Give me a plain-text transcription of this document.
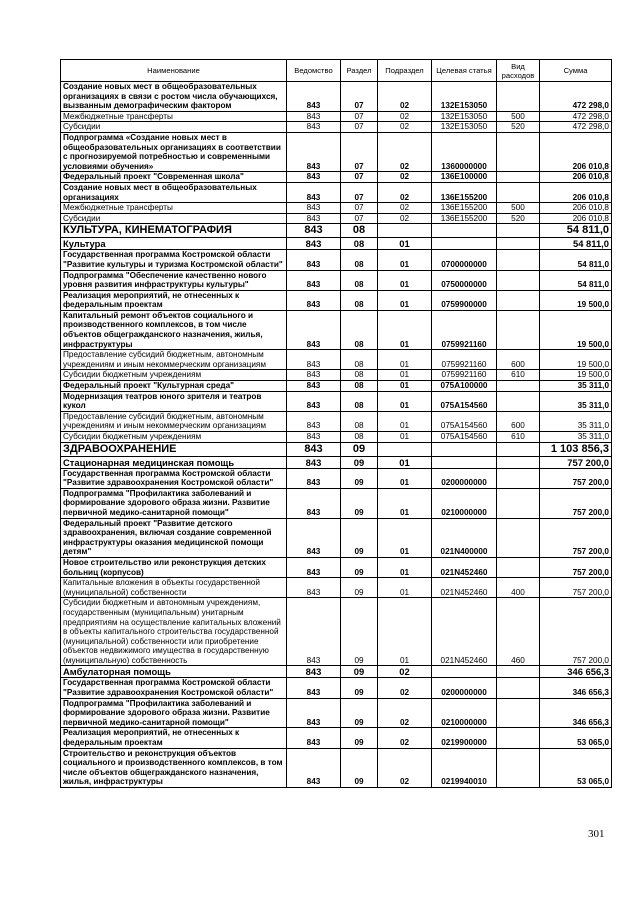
Наименование	Ведомство	Раздел	Подраздел	Целевая статья	Вид расходов	Сумма
Создание новых мест в общеобразовательных организациях в связи с ростом числа обучающихся, вызванным демографическим фактором	843	07	02	132E153050		472 298,0
Межбюджетные трансферты	843	07	02	132E153050	500	472 298,0
Субсидии	843	07	02	132E153050	520	472 298,0
Подпрограмма «Создание новых мест в общеобразовательных организациях в соответствии с прогнозируемой потребностью и современными условиями обучения»	843	07	02	1360000000		206 010,8
Федеральный проект "Современная школа"	843	07	02	136E100000		206 010,8
Создание новых мест в общеобразовательных организациях	843	07	02	136E155200		206 010,8
Межбюджетные трансферты	843	07	02	136E155200	500	206 010,8
Субсидии	843	07	02	136E155200	520	206 010,8
КУЛЬТУРА, КИНЕМАТОГРАФИЯ	843	08				54 811,0
Культура	843	08	01			54 811,0
Государственная программа Костромской области "Развитие культуры и туризма Костромской области"	843	08	01	0700000000		54 811,0
Подпрограмма "Обеспечение качественно нового уровня развития инфраструктуры культуры"	843	08	01	0750000000		54 811,0
Реализация мероприятий, не отнесенных к федеральным проектам	843	08	01	0759900000		19 500,0
Капитальный ремонт объектов социального и производственного комплексов, в том числе объектов общегражданского назначения, жилья, инфраструктуры	843	08	01	0759921160		19 500,0
Предоставление субсидий бюджетным, автономным учреждениям и иным некоммерческим организациям	843	08	01	0759921160	600	19 500,0
Субсидии бюджетным учреждениям	843	08	01	0759921160	610	19 500,0
Федеральный проект "Культурная среда"	843	08	01	075A100000		35 311,0
Модернизация театров юного зрителя и театров кукол	843	08	01	075A154560		35 311,0
Предоставление субсидий бюджетным, автономным учреждениям и иным некоммерческим организациям	843	08	01	075A154560	600	35 311,0
Субсидии бюджетным учреждениям	843	08	01	075A154560	610	35 311,0
ЗДРАВООХРАНЕНИЕ	843	09				1 103 856,3
Стационарная медицинская помощь	843	09	01			757 200,0
Государственная программа Костромской области "Развитие здравоохранения Костромской области"	843	09	01	0200000000		757 200,0
Подпрограмма "Профилактика заболеваний и формирование здорового образа жизни. Развитие первичной медико-санитарной помощи"	843	09	01	0210000000		757 200,0
Федеральный проект "Развитие детского здравоохранения, включая создание современной инфраструктуры оказания медицинской помощи детям"	843	09	01	021N400000		757 200,0
Новое строительство или реконструкция детских больниц (корпусов)	843	09	01	021N452460		757 200,0
Капитальные вложения в объекты государственной (муниципальной) собственности	843	09	01	021N452460	400	757 200,0
Субсидии бюджетным и автономным учреждениям, государственным (муниципальным) унитарным предприятиям на осуществление капитальных вложений в объекты капитального строительства государственной (муниципальной) собственности или приобретение объектов недвижимого имущества в государственную (муниципальную) собственность	843	09	01	021N452460	460	757 200,0
Амбулаторная помощь	843	09	02			346 656,3
Государственная программа Костромской области "Развитие здравоохранения Костромской области"	843	09	02	0200000000		346 656,3
Подпрограмма "Профилактика заболеваний и формирование здорового образа жизни. Развитие первичной медико-санитарной помощи"	843	09	02	0210000000		346 656,3
Реализация мероприятий, не отнесенных к федеральным проектам	843	09	02	0219900000		53 065,0
Строительство и реконструкция объектов социального и производственного комплексов, в том числе объектов общегражданского назначения, жилья, инфраструктуры	843	09	02	0219940010		53 065,0
301
